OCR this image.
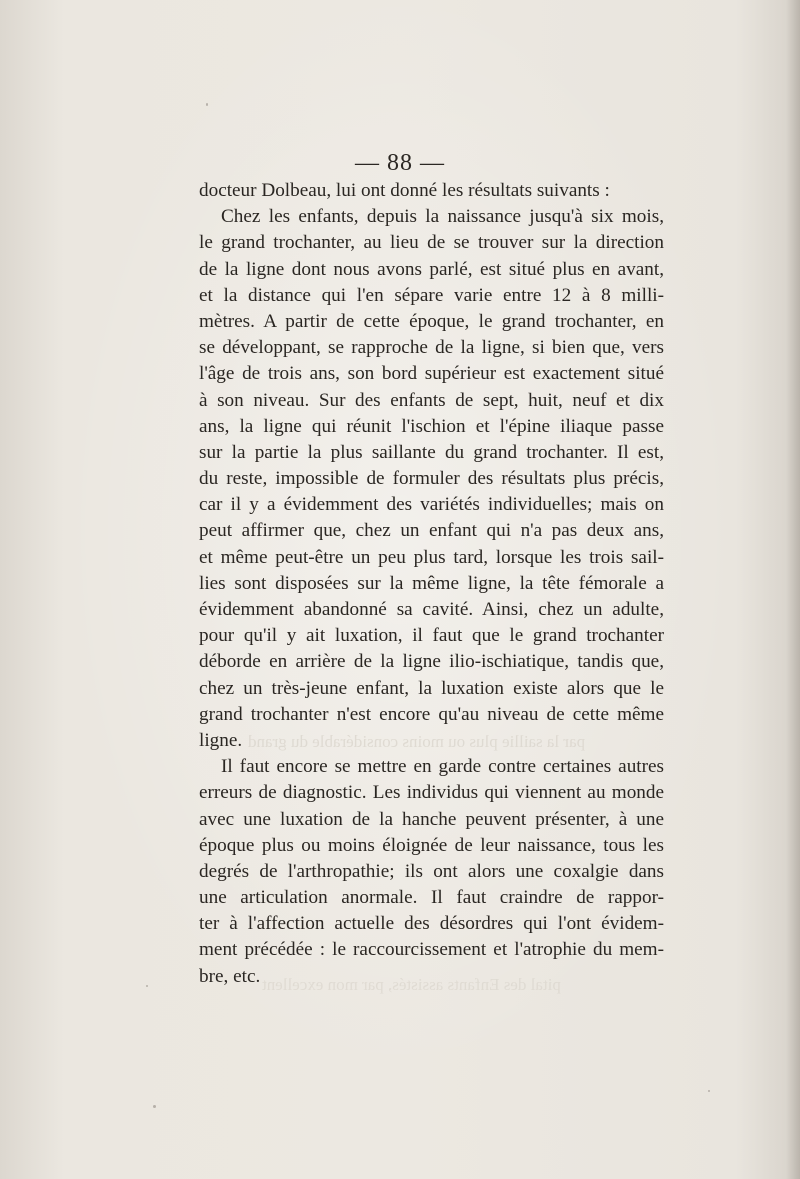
par la saillie plus ou moins considérable du grand
pital des Enfants assistés, par mon excellent
— 88 —
docteur Dolbeau, lui ont donné les résultats suivants :
Chez les enfants, depuis la naissance jusqu'à six mois,
le grand trochanter, au lieu de se trouver sur la direction
de la ligne dont nous avons parlé, est situé plus en avant,
et la distance qui l'en sépare varie entre 12 à 8 milli-
mètres. A partir de cette époque, le grand trochanter, en
se développant, se rapproche de la ligne, si bien que, vers
l'âge de trois ans, son bord supérieur est exactement situé
à son niveau. Sur des enfants de sept, huit, neuf et dix
ans, la ligne qui réunit l'ischion et l'épine iliaque passe
sur la partie la plus saillante du grand trochanter. Il est,
du reste, impossible de formuler des résultats plus précis,
car il y a évidemment des variétés individuelles; mais on
peut affirmer que, chez un enfant qui n'a pas deux ans,
et même peut-être un peu plus tard, lorsque les trois sail-
lies sont disposées sur la même ligne, la tête fémorale a
évidemment abandonné sa cavité. Ainsi, chez un adulte,
pour qu'il y ait luxation, il faut que le grand trochanter
déborde en arrière de la ligne ilio-ischiatique, tandis que,
chez un très-jeune enfant, la luxation existe alors que le
grand trochanter n'est encore qu'au niveau de cette même
ligne.
Il faut encore se mettre en garde contre certaines autres
erreurs de diagnostic. Les individus qui viennent au monde
avec une luxation de la hanche peuvent présenter, à une
époque plus ou moins éloignée de leur naissance, tous les
degrés de l'arthropathie; ils ont alors une coxalgie dans
une articulation anormale. Il faut craindre de rappor-
ter à l'affection actuelle des désordres qui l'ont évidem-
ment précédée : le raccourcissement et l'atrophie du mem-
bre, etc.
